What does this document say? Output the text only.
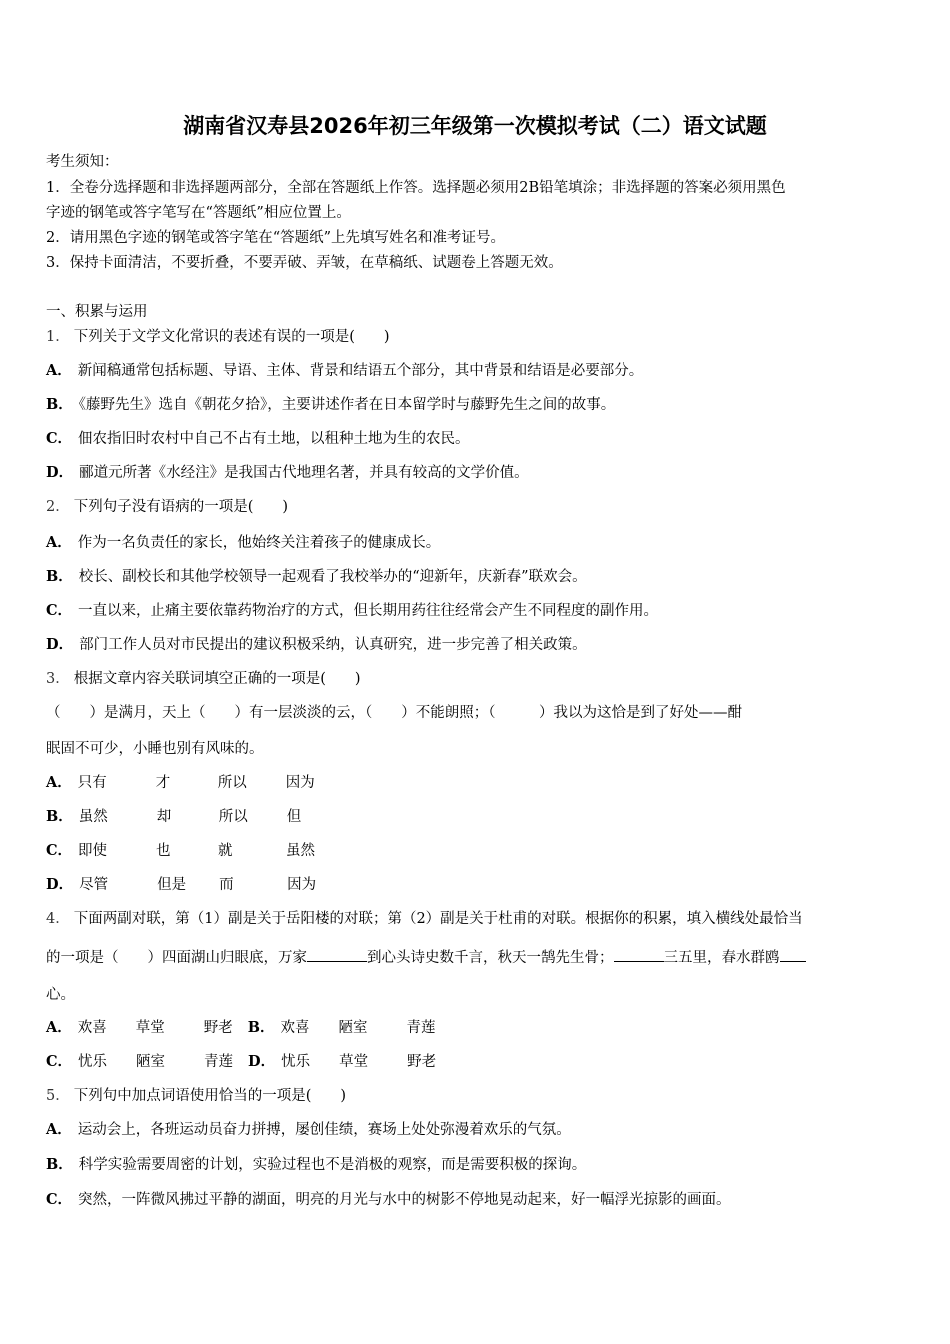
湖南省汉寿县2026年初三年级第一次模拟考试（二）语文试题
考生须知：
1．全卷分选择题和非选择题两部分，全部在答题纸上作答。选择题必须用2B铅笔填涂；非选择题的答案必须用黑色
字迹的钢笔或答字笔写在“答题纸”相应位置上。
2．请用黑色字迹的钢笔或答字笔在“答题纸”上先填写姓名和准考证号。
3．保持卡面清洁，不要折叠，不要弄破、弄皱，在草稿纸、试题卷上答题无效。
一、积累与运用
1． 下列关于文学文化常识的表述有误的一项是(　　)
A． 新闻稿通常包括标题、导语、主体、背景和结语五个部分，其中背景和结语是必要部分。
B． 《藤野先生》选自《朝花夕拾》，主要讲述作者在日本留学时与藤野先生之间的故事。
C． 佃农指旧时农村中自己不占有土地，以租种土地为生的农民。
D． 郦道元所著《水经注》是我国古代地理名著，并具有较高的文学价值。
2． 下列句子没有语病的一项是(　　)
A． 作为一名负责任的家长，他始终关注着孩子的健康成长。
B． 校长、副校长和其他学校领导一起观看了我校举办的“迎新年，庆新春”联欢会。
C． 一直以来，止痛主要依靠药物治疗的方式，但长期用药往往经常会产生不同程度的副作用。
D． 部门工作人员对市民提出的建议积极采纳，认真研究，进一步完善了相关政策。
3． 根据文章内容关联词填空正确的一项是(　　)
（　　）是满月，天上（　　）有一层淡淡的云，（　　）不能朗照；（　　　）我以为这恰是到了好处——酣
眠固不可少，小睡也别有风味的。
A． 只有	才	所以	因为
B． 虽然	却	所以	但
C． 即使	也	就	虽然
D． 尽管	但是 而	因为
4． 下面两副对联，第（1）副是关于岳阳楼的对联；第（2）副是关于杜甫的对联。根据你的积累，填入横线处最恰当
的一项是（　　）四面湖山归眼底，万家	到心头诗史数千言，秋天一鹄先生骨；	三五里，春水群鸥
心。
A． 欢喜 草堂	野老 B． 欢喜 陋室	青莲
C． 忧乐 陋室	青莲 D． 忧乐 草堂	野老
5． 下列句中加点词语使用恰当的一项是(　　)
A． 运动会上，各班运动员奋力拼搏，屡创佳绩，赛场上处处弥漫着欢乐的气氛。
B． 科学实验需要周密的计划，实验过程也不是消极的观察，而是需要积极的探询。
C． 突然，一阵微风拂过平静的湖面，明亮的月光与水中的树影不停地晃动起来，好一幅浮光掠影的画面。
